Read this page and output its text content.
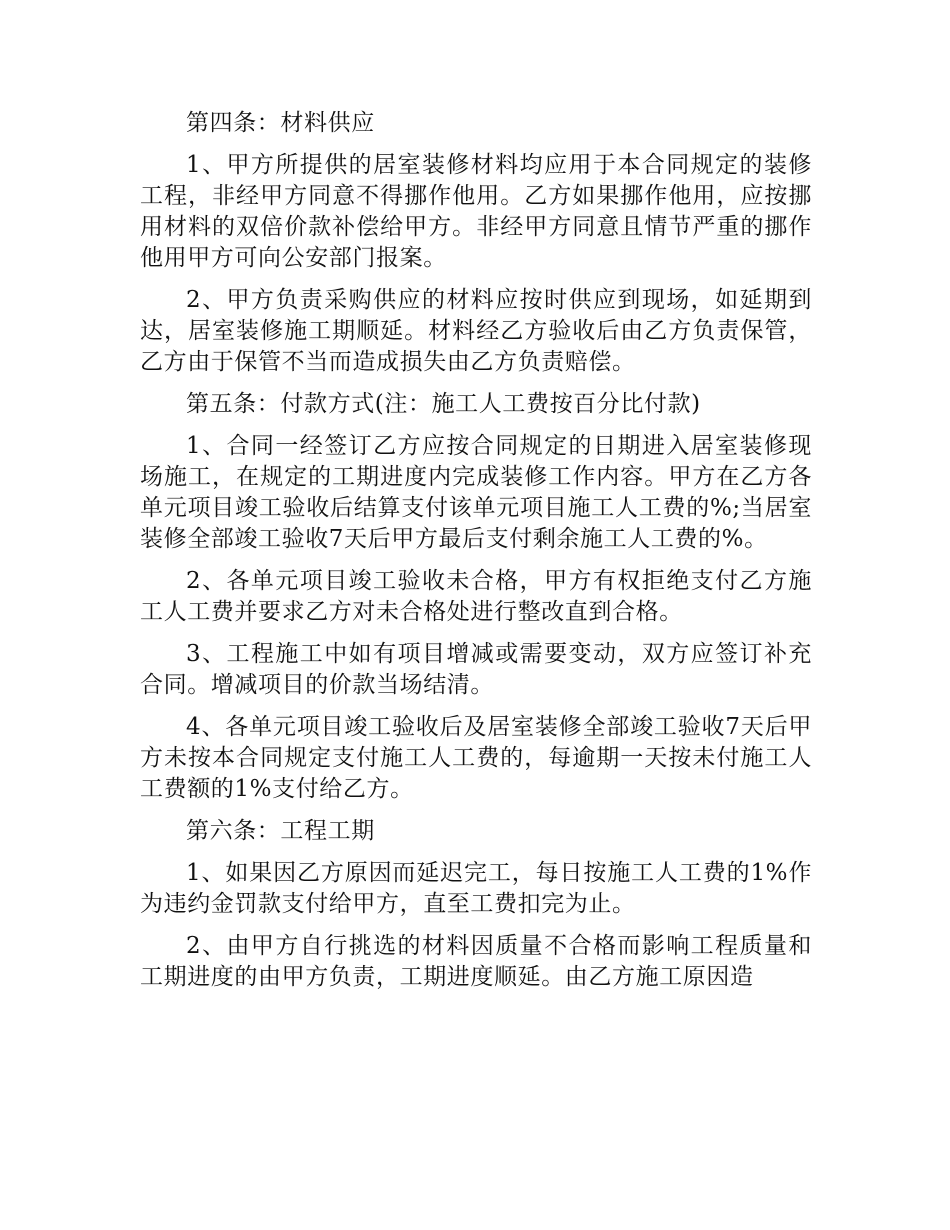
第四条：材料供应

1、甲方所提供的居室装修材料均应用于本合同规定的装修工程，非经甲方同意不得挪作他用。乙方如果挪作他用，应按挪用材料的双倍价款补偿给甲方。非经甲方同意且情节严重的挪作他用甲方可向公安部门报案。

2、甲方负责采购供应的材料应按时供应到现场，如延期到达，居室装修施工期顺延。材料经乙方验收后由乙方负责保管，乙方由于保管不当而造成损失由乙方负责赔偿。

第五条：付款方式(注：施工人工费按百分比付款)

1、合同一经签订乙方应按合同规定的日期进入居室装修现场施工，在规定的工期进度内完成装修工作内容。甲方在乙方各单元项目竣工验收后结算支付该单元项目施工人工费的%;当居室装修全部竣工验收7天后甲方最后支付剩余施工人工费的%。

2、各单元项目竣工验收未合格，甲方有权拒绝支付乙方施工人工费并要求乙方对未合格处进行整改直到合格。

3、工程施工中如有项目增减或需要变动，双方应签订补充合同。增减项目的价款当场结清。

4、各单元项目竣工验收后及居室装修全部竣工验收7天后甲方未按本合同规定支付施工人工费的，每逾期一天按未付施工人工费额的1%支付给乙方。

第六条：工程工期

1、如果因乙方原因而延迟完工，每日按施工人工费的1%作为违约金罚款支付给甲方，直至工费扣完为止。

2、由甲方自行挑选的材料因质量不合格而影响工程质量和工期进度的由甲方负责，工期进度顺延。由乙方施工原因造
